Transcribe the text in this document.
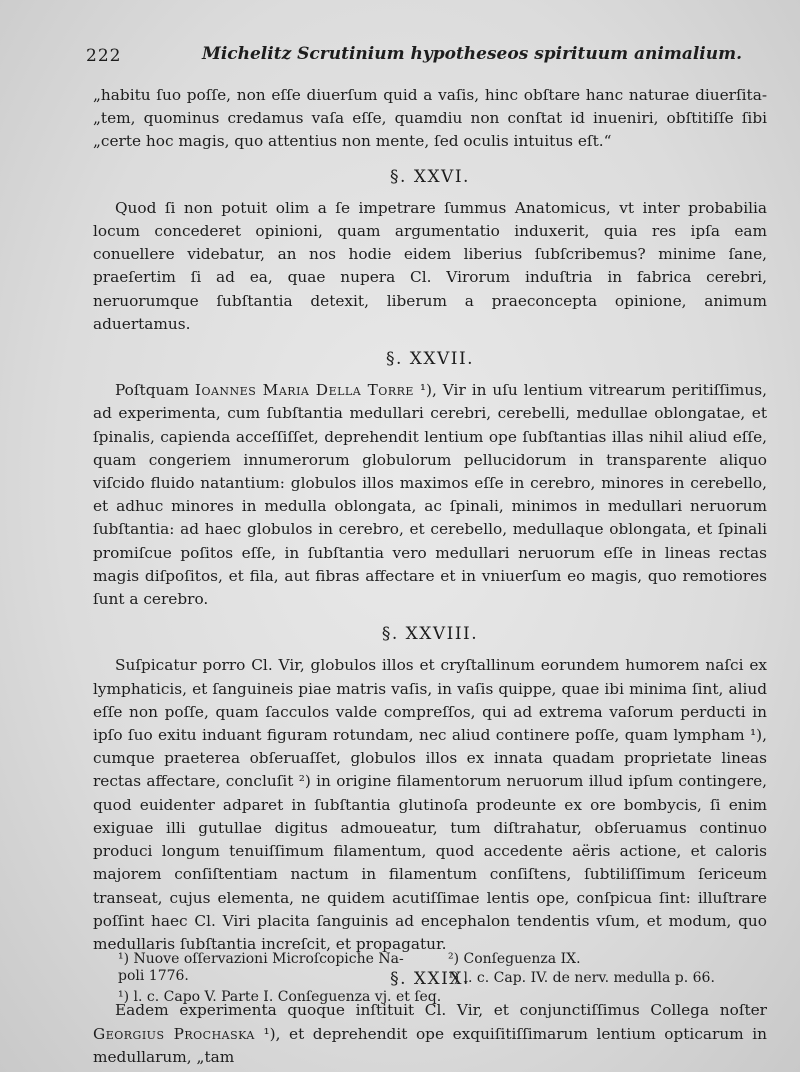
222	Michelitz Scrutinium hypotheseos spirituum animalium.

„habitu ſuo poſſe, non eſſe diuerſum quid a vaſis, hinc obſtare hanc naturae diuerſita- „tem, quominus credamus vaſa eſſe, quamdiu non conſtat id inueniri, obſtitiſſe ſibi „certe hoc magis, quo attentius non mente, ſed oculis intuitus eſt.“

§. XXVI.

Quod ſi non potuit olim a ſe impetrare ſummus Anatomicus, vt inter probabilia locum concederet opinioni, quam argumentatio induxerit, quia res ipſa eam conuellere videbatur, an nos hodie eidem liberius ſubſcribemus? minime ſane, praeſertim ſi ad ea, quae nupera Cl. Virorum induſtria in fabrica cerebri, neruorumque ſubſtantia detexit, liberum a praeconcepta opinione, animum aduertamus.

§. XXVII.

Poſtquam Ioannes Maria Della Torre ¹), Vir in uſu lentium vitrearum peritiſſimus, ad experimenta, cum ſubſtantia medullari cerebri, cerebelli, medullae oblongatae, et ſpinalis, capienda acceſſiſſet, deprehendit lentium ope ſubſtantias illas nihil aliud eſſe, quam congeriem innumerorum globulorum pellucidorum in transparente aliquo viſcido fluido natantium: globulos illos maximos eſſe in cerebro, minores in cerebello, et adhuc minores in medulla oblongata, ac ſpinali, minimos in medullari neruorum ſubſtantia: ad haec globulos in cerebro, et cerebello, medullaque oblongata, et ſpinali promiſcue poſitos eſſe, in ſubſtantia vero medullari neruorum eſſe in lineas rectas magis diſpoſitos, et fila, aut fibras affectare et in vniuerſum eo magis, quo remotiores ſunt a cerebro.

§. XXVIII.

Suſpicatur porro Cl. Vir, globulos illos et cryſtallinum eorundem humorem naſci ex lymphaticis, et ſanguineis piae matris vaſis, in vaſis quippe, quae ibi minima ſint, aliud eſſe non poſſe, quam ſacculos valde compreſſos, qui ad extrema vaſorum perducti in ipſo ſuo exitu induant figuram rotundam, nec aliud continere poſſe, quam lympham ¹), cumque praeterea obſeruaſſet, globulos illos ex innata quadam proprietate lineas rectas affectare, concluſit ²) in origine filamentorum neruorum illud ipſum contingere, quod euidenter adparet in ſubſtantia glutinoſa prodeunte ex ore bombycis, ſi enim exiguae illi gutullae digitus admoueatur, tum diſtrahatur, obſeruamus continuo produci longum tenuiſſimum filamentum, quod accedente aëris actione, et caloris majorem conſiſtentiam nactum in filamentum conſiſtens, ſubtiliſſimum ſericeum transeat, cujus elementa, ne quidem acutiſſimae lentis ope, conſpicua ſint: illuſtrare poſſint haec Cl. Viri placita ſanguinis ad encephalon tendentis vſum, et modum, quo medullaris ſubſtantia increſcit, et propagatur.

§. XXIX.

Eadem experimenta quoque inſtituit Cl. Vir, et conjunctiſſimus Collega noſter Georgius Prochaska ¹), et deprehendit ope exquiſitiſſimarum lentium opticarum in medullarum, „tam

¹) Nuove oſſervazioni Microſcopiche Na-
poli 1776.
²) Conſeguenza IX.
¹) l. c. Cap. IV. de nerv. medulla p. 66.
¹) l. c. Capo V. Parte I. Conſeguenza vj. et ſeq.
